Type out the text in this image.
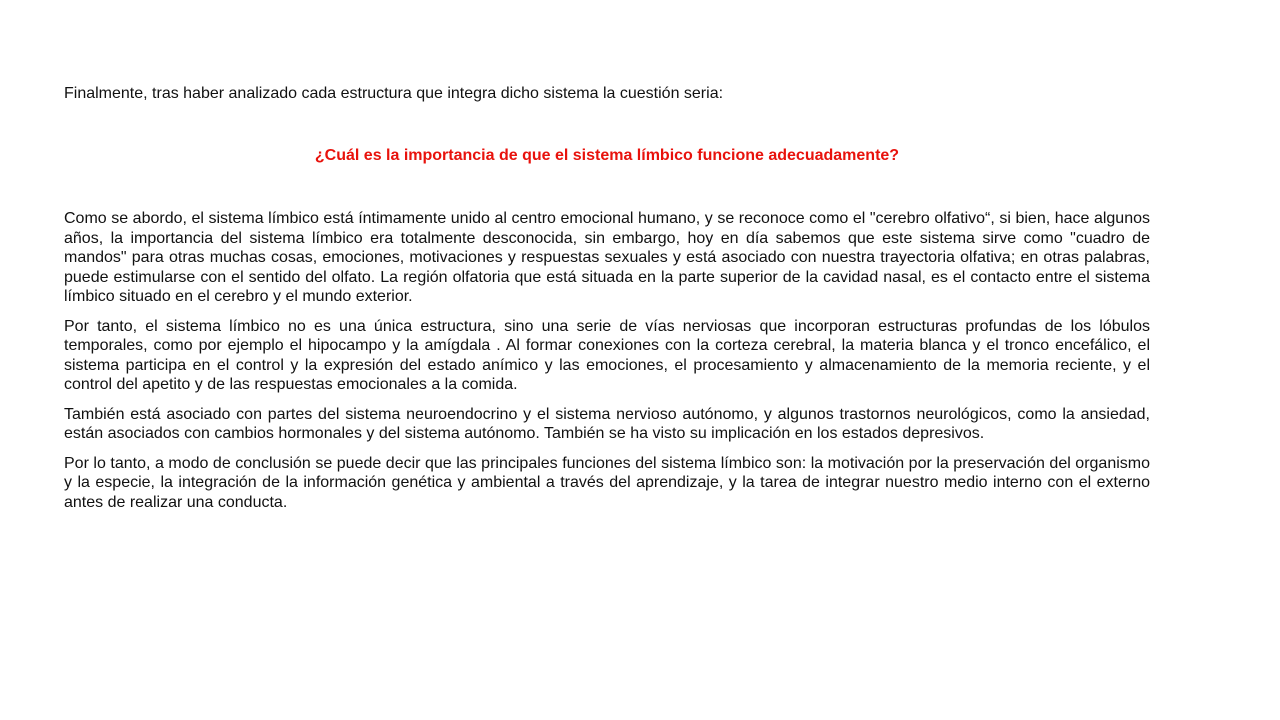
Finalmente, tras haber analizado cada estructura que integra dicho sistema la cuestión seria:

¿Cuál es la importancia de que el sistema límbico funcione adecuadamente?

Como se abordo, el sistema límbico está íntimamente unido al centro emocional humano, y se reconoce como el "cerebro olfativo“, si bien, hace algunos años, la importancia del sistema límbico era totalmente desconocida, sin embargo, hoy en día sabemos que este sistema sirve como "cuadro de mandos" para otras muchas cosas, emociones, motivaciones y respuestas sexuales y está asociado con nuestra trayectoria olfativa; en otras palabras, puede estimularse con el sentido del olfato. La región olfatoria que está situada en la parte superior de la cavidad nasal, es el contacto entre el sistema límbico situado en el cerebro y el mundo exterior.

Por tanto, el sistema límbico no es una única estructura, sino una serie de vías nerviosas que incorporan estructuras profundas de los lóbulos temporales, como por ejemplo el hipocampo y la amígdala . Al formar conexiones con la corteza cerebral, la materia blanca y el tronco encefálico, el sistema participa en el control y la expresión del estado anímico y las emociones, el procesamiento y almacenamiento de la memoria reciente, y el control del apetito y de las respuestas emocionales a la comida.

También está asociado con partes del sistema neuroendocrino y el sistema nervioso autónomo, y algunos trastornos neurológicos, como la ansiedad, están asociados con cambios hormonales y del sistema autónomo. También se ha visto su implicación en los estados depresivos.

Por lo tanto, a modo de conclusión se puede decir que las principales funciones del sistema límbico son: la motivación por la preservación del organismo y la especie, la integración de la información genética y ambiental a través del aprendizaje, y la tarea de integrar nuestro medio interno con el externo antes de realizar una conducta.
